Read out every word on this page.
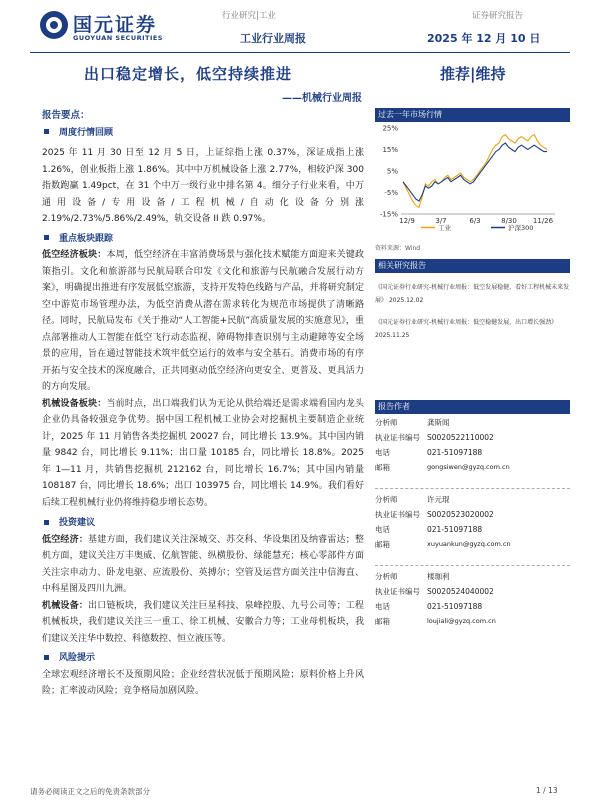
国元证券
GUOYUAN SECURITIES
行业研究|工业	证券研究报告
工业行业周报	2025 年 12 月 10 日
出口稳定增长，低空持续推进	推荐|维持
——机械行业周报
报告要点：
周度行情回顾

2025 年 11 月 30 日至 12 月 5 日，上证综指上涨 0.37%，深证成指上涨 1.26%，创业板指上涨 1.86%。其中中万机械设备上涨 2.77%，相较沪深 300 指数跑赢 1.49pct，在 31 个中万一级行业中排名第 4。细分子行业来看，中万通用设备/专用设备/工程机械/自动化设备分别涨 2.19%/2.73%/5.86%/2.49%，轨交设备 II 跌 0.97%。

重点板块跟踪

低空经济板块：本周，低空经济在丰富消费场景与强化技术赋能方面迎来关键政策指引。文化和旅游部与民航局联合印发《文化和旅游与民航融合发展行动方案》，明确提出推进有序发展低空旅游，支持开发特色线路与产品，并将研究制定空中游览市场管理办法，为低空消费从潜在需求转化为规范市场提供了清晰路径。同时，民航局发布《关于推动“人工智能+民航”高质量发展的实施意见》，重点部署推动人工智能在低空飞行动态监视、障碍物排查识别与主动避障等安全场景的应用，旨在通过智能技术筑牢低空运行的效率与安全基石。消费市场的有序开拓与安全技术的深度融合，正共同驱动低空经济向更安全、更普及、更具活力的方向发展。

机械设备板块：当前时点，出口端我们认为无论从供给端还是需求端看国内龙头企业仍具备较强竞争优势。据中国工程机械工业协会对挖掘机主要制造企业统计，2025 年 11 月销售各类挖掘机 20027 台，同比增长 13.9%。其中国内销量 9842 台，同比增长 9.11%；出口量 10185 台，同比增长 18.8%。2025 年 1—11 月，共销售挖掘机 212162 台，同比增长 16.7%；其中国内销量 108187 台，同比增长 18.6%；出口 103975 台，同比增长 14.9%。我们看好后续工程机械行业仍将维持稳步增长态势。

投资建议

低空经济：基建方面，我们建议关注深城交、苏交科、华设集团及纳睿雷达；整机方面，建议关注万丰奥威、亿航智能、纵横股份、绿能慧充；核心零部件方面关注宗申动力、卧龙电驱、应流股份、英搏尔；空管及运营方面关注中信海直、中科星图及四川九洲。

机械设备：出口链板块，我们建议关注巨星科技、泉峰控股、九号公司等；工程机械板块，我们建议关注三一重工、徐工机械、安徽合力等；工业母机板块，我们建议关注华中数控、科德数控、恒立液压等。

风险提示

全球宏观经济增长不及预期风险；企业经营状况低于预期风险；原料价格上升风险；汇率波动风险；竞争格局加剧风险。

过去一年市场行情
25%
15%
5%
-5%
-15%
12/9	3/7	6/3	8/30 11/26
工业	沪深300
资料来源：Wind
相关研究报告
《国元证券行业研究-机械行业周报：低空发展稳健，看好工程机械未来发展》 2025.12.02
《国元证券行业研究-机械行业周报：低空稳健发展，出口增长强劲》 2025.11.25
报告作者
分析师	龚斯闻
执业证书编号 S0020522110002
电话	021-51097188
邮箱	gongsiwen@gyzq.com.cn
分析师	许元琨
执业证书编号 S0020523020002
电话	021-51097188
邮箱	xuyuankun@gyzq.com.cn
分析师	楼珈利
执业证书编号 S0020524040002
电话	021-51097188
邮箱	loujiali@gyzq.com.cn
请务必阅读正文之后的免责条款部分	1 / 13
